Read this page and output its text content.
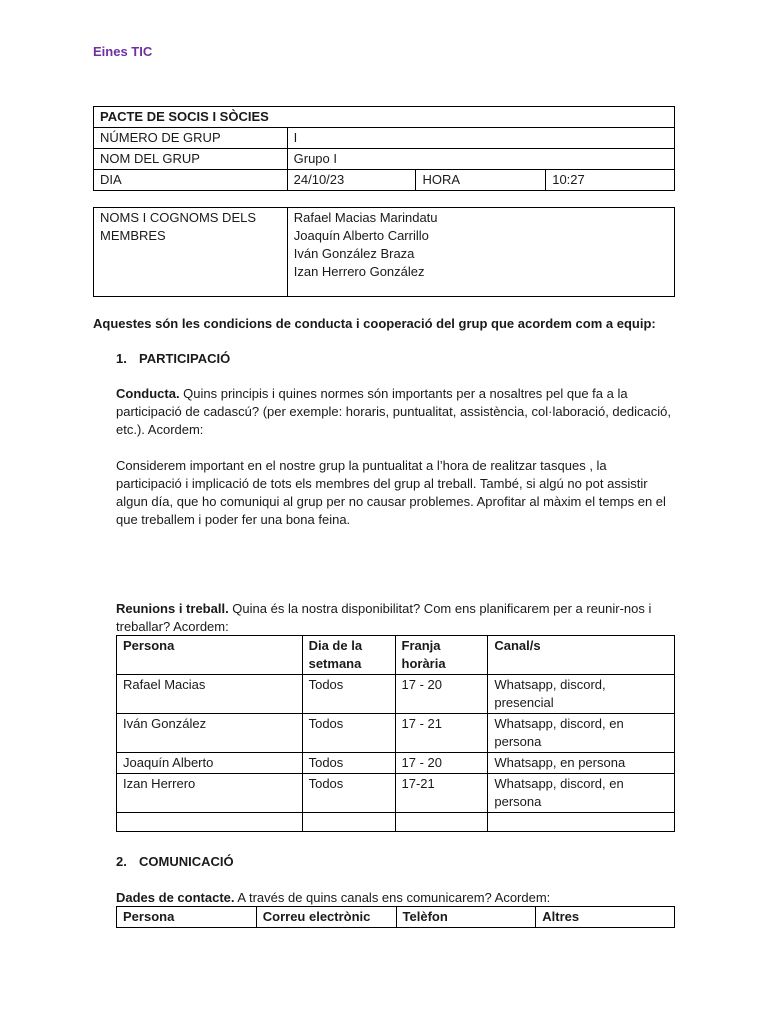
Eines TIC
PACTE DE SOCIS I SÒCIES			
NÚMERO DE GRUP	I		
NOM DEL GRUP	Grupo I		
DIA	24/10/23	HORA	10:27
NOMS I COGNOMS DELS MEMBRES	
Rafael Macias Marindatu
Joaquín Alberto Carrillo
Iván González Braza
Izan Herrero González
Aquestes són les condicions de conducta i cooperació del grup que acordem com a equip:
1. PARTICIPACIÓ
Conducta. Quins principis i quines normes són importants per a nosaltres pel que fa a la participació de cadascú? (per exemple: horaris, puntualitat, assistència, col·laboració, dedicació, etc.). Acordem:
Considerem important en el nostre grup la puntualitat a l’hora de realitzar tasques , la participació i implicació de tots els membres del grup al treball. També, si algú no pot assistir algun día, que ho comuniqui al grup per no causar problemes. Aprofitar al màxim el temps en el que treballem i poder fer una bona feina.
Reunions i treball. Quina és la nostra disponibilitat? Com ens planificarem per a reunir-nos i treballar? Acordem:
Persona	Dia de la setmana	Franja horària	Canal/s
Rafael Macias	Todos	17 - 20	Whatsapp, discord, presencial
Iván González	Todos	17 - 21	Whatsapp, discord, en persona
Joaquín Alberto	Todos	17 - 20	Whatsapp, en persona
Izan Herrero	Todos	17-21	Whatsapp, discord, en persona

2. COMUNICACIÓ
Dades de contacte. A través de quins canals ens comunicarem? Acordem:
Persona	Correu electrònic	Telèfon	Altres
